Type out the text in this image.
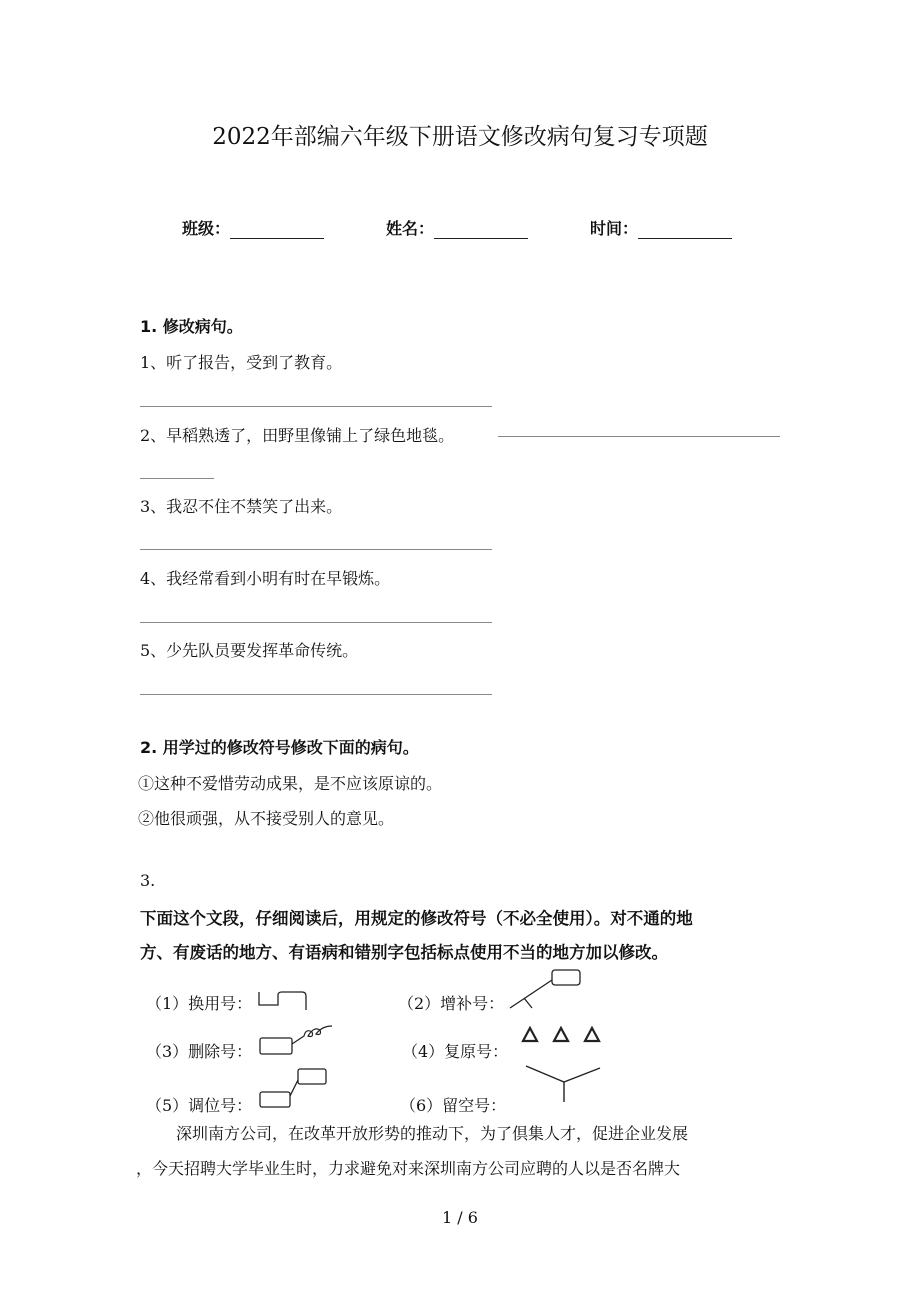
2022年部编六年级下册语文修改病句复习专项题
班级：	姓名：	时间：
1. 修改病句。
1、听了报告，受到了教育。
2、早稻熟透了，田野里像铺上了绿色地毯。
3、我忍不住不禁笑了出来。
4、我经常看到小明有时在早锻炼。
5、少先队员要发挥革命传统。
2. 用学过的修改符号修改下面的病句。
①这种不爱惜劳动成果，是不应该原谅的。
②他很顽强，从不接受别人的意见。
3.
下面这个文段，仔细阅读后，用规定的修改符号（不必全使用）。对不通的地
方、有废话的地方、有语病和错别字包括标点使用不当的地方加以修改。
（1）换用号：	（2）增补号：
（3）删除号：	（4）复原号：
（5）调位号：	（6）留空号：
深圳南方公司，在改革开放形势的推动下，为了倶集人才，促进企业发展
，今天招聘大学毕业生时，力求避免对来深圳南方公司应聘的人以是否名牌大
1 / 6
